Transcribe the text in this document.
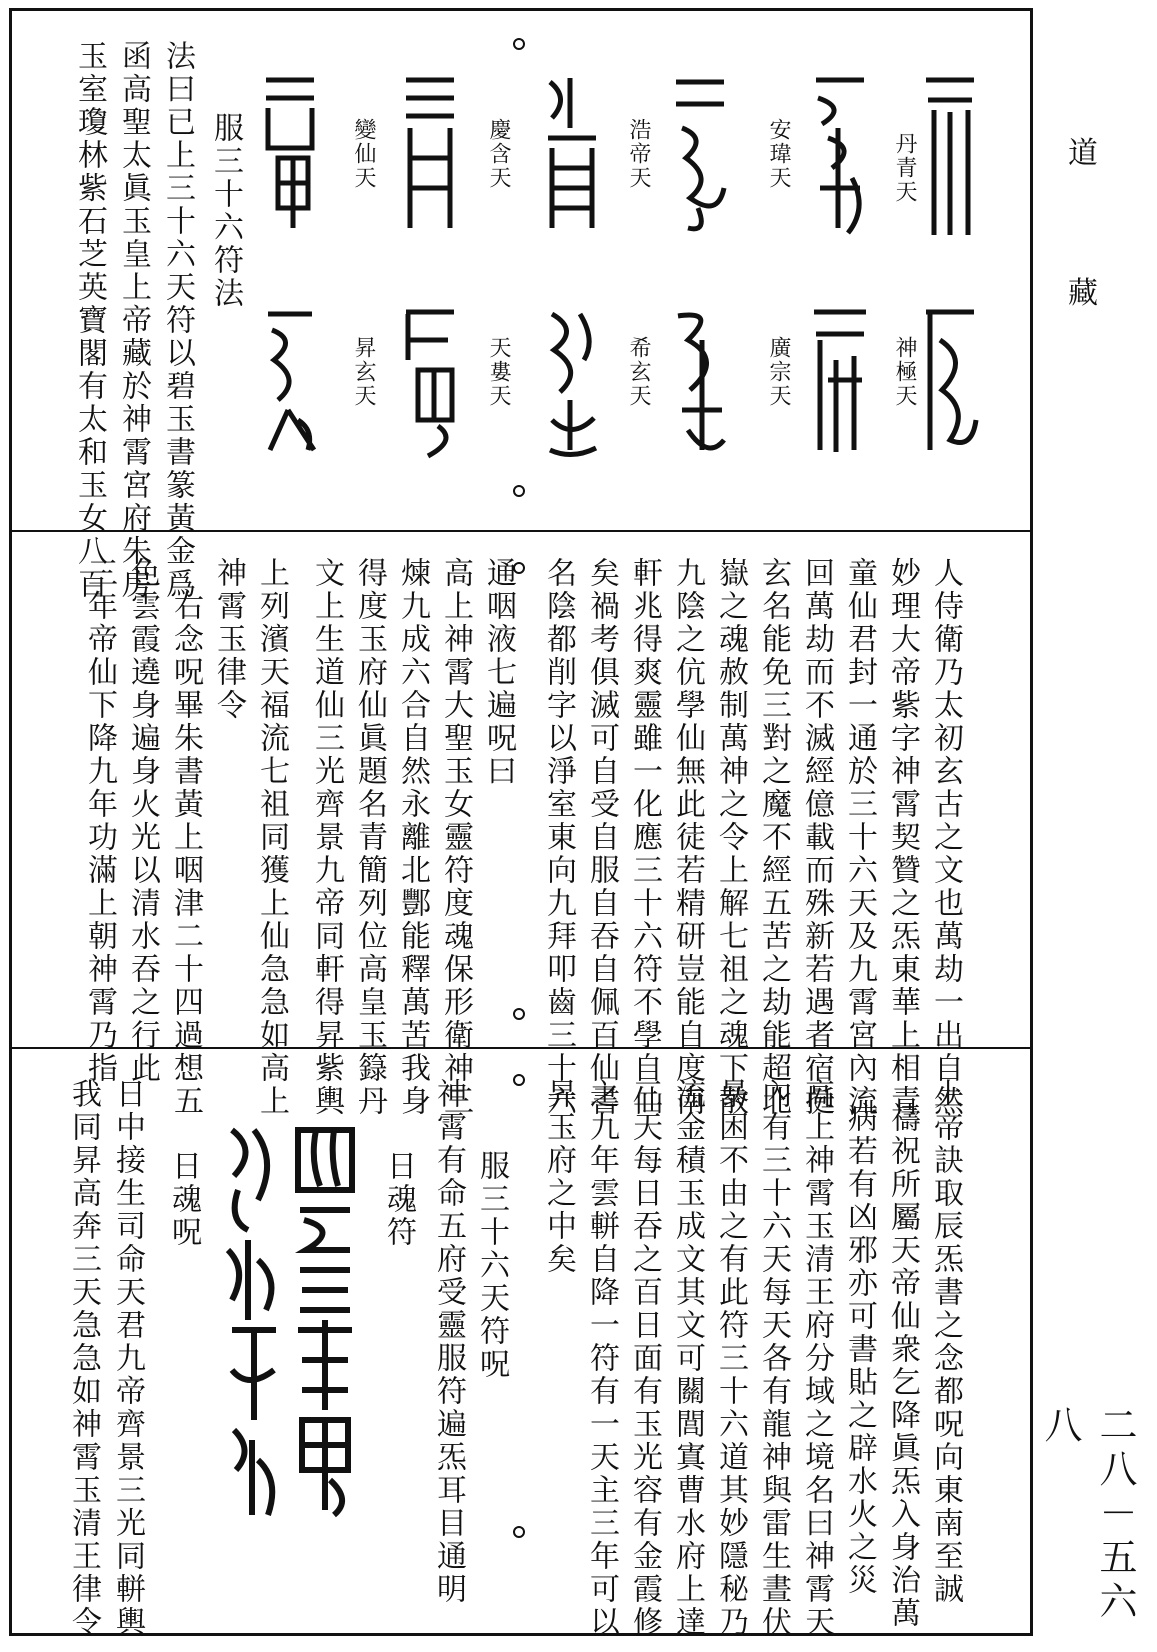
道
藏
二八－五六八
丹青天
安瑋天
浩帝天
慶含天
變仙天
神極天
廣宗天
希玄天
天婁天
昇玄天
服三十六符法
法曰已上三十六天符以碧玉書篆黃金爲
函高聖太眞玉皇上帝藏於神霄宮府朱房
玉室瓊林紫石芝英寶閣有太和玉女八百
人侍衛乃太初玄古之文也萬劫一出自然
妙理大帝紫字神霄契贊之炁東華上相青
童仙君封一通於三十六天及九霄宮內流
回萬劫而不滅經億載而殊新若遇者宿挺
玄名能免三對之魔不經五苦之劫能超北
嶽之魂赦制萬神之令上解七祖之魂下散
九陰之伉學仙無此徒若精研豈能自度南
軒兆得爽靈雖一化應三十六符不學自仙
矣禍考俱滅可自受自服自吞自佩百仙書
名陰都削字以淨室東向九拜叩齒三十六
通咽液七遍呪曰
高上神霄大聖玉女靈符度魂保形衛神三
煉九成六合自然永離北酆能釋萬苦我身
得度玉府仙眞題名青簡列位高皇玉籙丹
文上生道仙三光齊景九帝同軒得昇紫輿
上列濱天福流七祖同獲上仙急急如高上
神霄玉律令
右念呪畢朱書黃上咽津二十四過想五
色雲霞遶身遍身火光以清水吞之行此
三年帝仙下降九年功滿上朝神霄乃指
上帝訣取辰炁書之念都呪向東南至誠
禱祝所屬天帝仙衆乞降眞炁入身治萬
病若有凶邪亦可書貼之辟水火之災
高上神霄玉清王府分域之境名曰神霄天
內有三十六天每天各有龍神與雷生晝伏
暴困不由之有此符三十六道其妙隱秘乃
流金積玉成文其文可關閭寘曹水府上達
三天每日吞之百日面有玉光容有金霞修
之九年雲軿自降一符有一天主三年可以
昇玉府之中矣
服三十六天符呪
神霄有命五府受靈服符遍炁耳目通明
日魂符
日魂呪
日中接生司命天君九帝齊景三光同軿輿
我同昇高奔三天急急如神霄玉清王律令
